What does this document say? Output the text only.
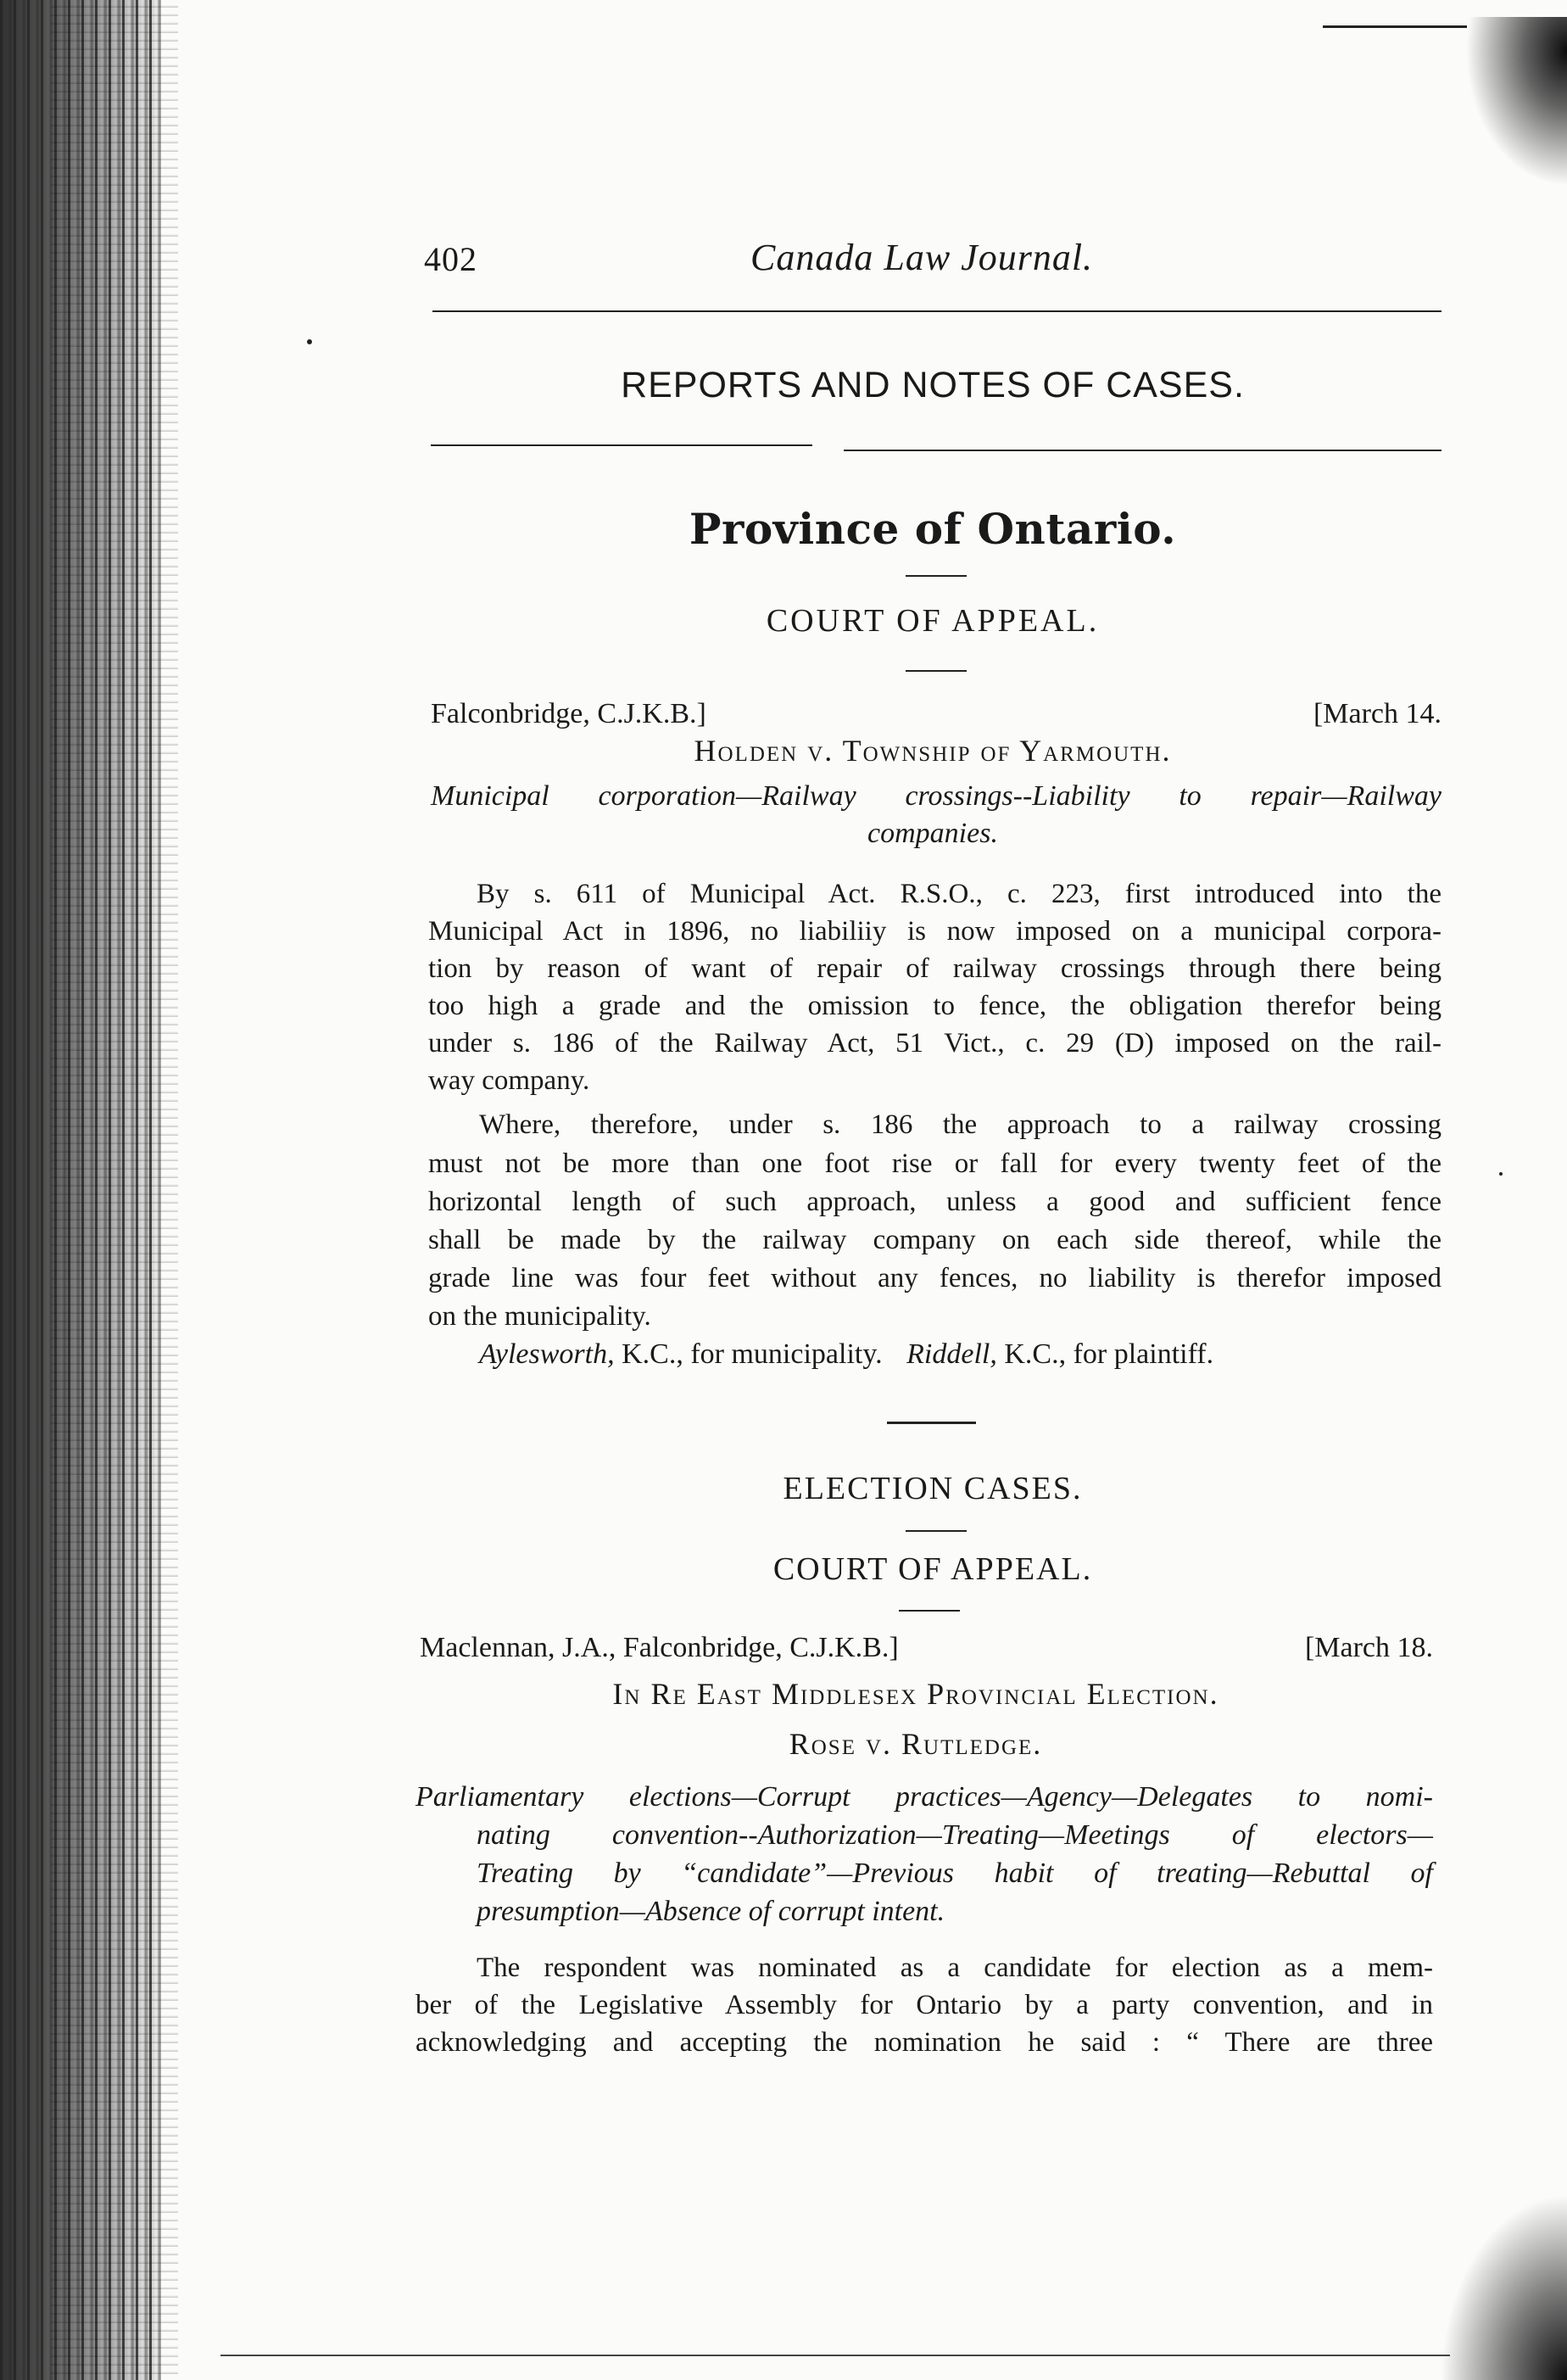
402	Canada Law Journal.
REPORTS AND NOTES OF CASES.
Province of Ontario.
COURT OF APPEAL.
Falconbridge, C.J.K.B.]	[March 14.
Holden v. Township of Yarmouth.
Municipal corporation—Railway crossings--Liability to repair—Railway
companies.
By s. 611 of Municipal Act. R.S.O., c. 223, first introduced into the
Municipal Act in 1896, no liabiliiy is now imposed on a municipal corpora-
tion by reason of want of repair of railway crossings through there being
too high a grade and the omission to fence, the obligation therefor being
under s. 186 of the Railway Act, 51 Vict., c. 29 (D) imposed on the rail-
way company.
Where, therefore, under s. 186 the approach to a railway crossing
must not be more than one foot rise or fall for every twenty feet of the
horizontal length of such approach, unless a good and sufficient fence
shall be made by the railway company on each side thereof, while the
grade line was four feet without any fences, no liability is therefor imposed
on the municipality.
Aylesworth, K.C., for municipality. Riddell, K.C., for plaintiff.
ELECTION CASES.
COURT OF APPEAL.
Maclennan, J.A., Falconbridge, C.J.K.B.]	[March 18.
In Re East Middlesex Provincial Election.
Rose v. Rutledge.
Parliamentary elections—Corrupt practices—Agency—Delegates to nomi-
nating convention--Authorization—Treating—Meetings of electors—
Treating by “candidate”—Previous habit of treating—Rebuttal of
presumption—Absence of corrupt intent.
The respondent was nominated as a candidate for election as a mem-
ber of the Legislative Assembly for Ontario by a party convention, and in
acknowledging and accepting the nomination he said : “ There are three
